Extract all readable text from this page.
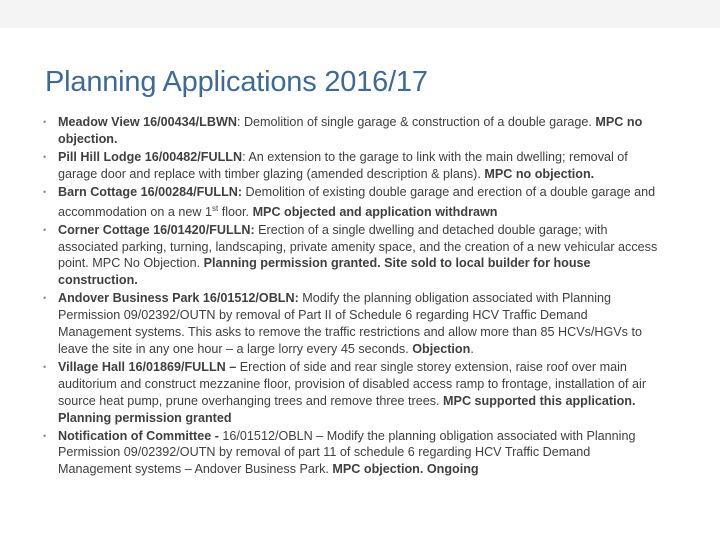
Planning Applications 2016/17
• Meadow View 16/00434/LBWN: Demolition of single garage & construction of a double garage. MPC no objection.
• Pill Hill Lodge 16/00482/FULLN: An extension to the garage to link with the main dwelling; removal of garage door and replace with timber glazing (amended description & plans). MPC no objection.
• Barn Cottage 16/00284/FULLN: Demolition of existing double garage and erection of a double garage and accommodation on a new 1st floor. MPC objected and application withdrawn
• Corner Cottage 16/01420/FULLN: Erection of a single dwelling and detached double garage; with associated parking, turning, landscaping, private amenity space, and the creation of a new vehicular access point. MPC No Objection. Planning permission granted. Site sold to local builder for house construction.
• Andover Business Park 16/01512/OBLN: Modify the planning obligation associated with Planning Permission 09/02392/OUTN by removal of Part II of Schedule 6 regarding HCV Traffic Demand Management systems. This asks to remove the traffic restrictions and allow more than 85 HCVs/HGVs to leave the site in any one hour – a large lorry every 45 seconds. Objection.
• Village Hall 16/01869/FULLN – Erection of side and rear single storey extension, raise roof over main auditorium and construct mezzanine floor, provision of disabled access ramp to frontage, installation of air source heat pump, prune overhanging trees and remove three trees. MPC supported this application. Planning permission granted
• Notification of Committee - 16/01512/OBLN – Modify the planning obligation associated with Planning Permission 09/02392/OUTN by removal of part 11 of schedule 6 regarding HCV Traffic Demand Management systems – Andover Business Park. MPC objection. Ongoing
